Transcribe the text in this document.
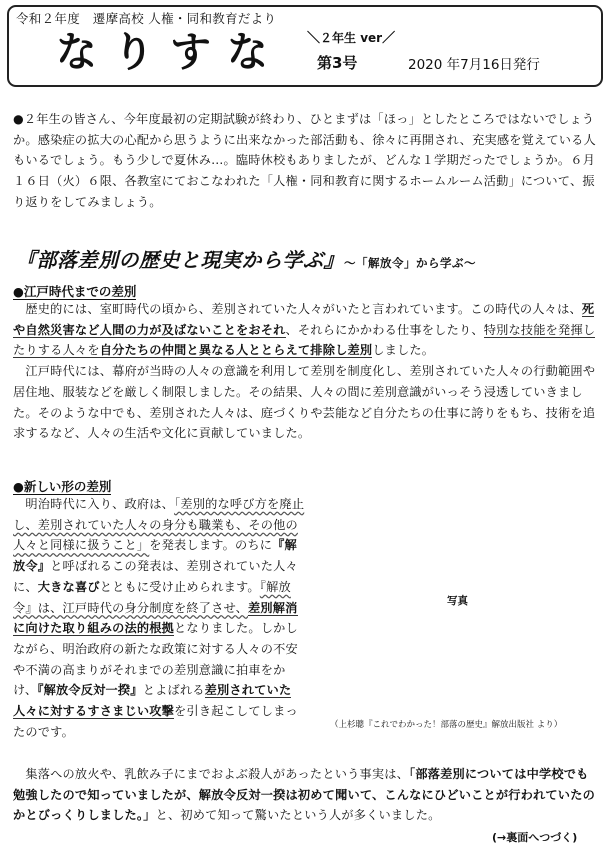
令和２年度　遷摩高校 人権・同和教育だより
なりすな ＼２年生 ver／
第3号	2020 年7月16日発行
●２年生の皆さん、今年度最初の定期試験が終わり、ひとまずは「ほっ」としたところではないでしょうか。感染症の拡大の心配から思うように出来なかった部活動も、徐々に再開され、充実感を覚えている人もいるでしょう。もう少しで夏休み…。臨時休校もありましたが、どんな１学期だったでしょうか。６月１６日（火）６限、各教室にておこなわれた「人権・同和教育に関するホームルーム活動」について、振り返りをしてみましょう。
『部落差別の歴史と現実から学ぶ』～「解放令」から学ぶ～
●江戸時代までの差別
　歴史的には、室町時代の頃から、差別されていた人々がいたと言われています。この時代の人々は、死や自然災害など人間の力が及ばないことをおそれ、それらにかかわる仕事をしたり、特別な技能を発揮したりする人々を自分たちの仲間と異なる人ととらえて排除し差別しました。
　江戸時代には、幕府が当時の人々の意識を利用して差別を制度化し、差別されていた人々の行動範囲や居住地、服装などを厳しく制限しました。その結果、人々の間に差別意識がいっそう浸透していきました。そのような中でも、差別された人々は、庭づくりや芸能など自分たちの仕事に誇りをもち、技術を追求するなど、人々の生活や文化に貢献していました。
●新しい形の差別
　明治時代に入り、政府は、「差別的な呼び方を廃止し、差別されていた人々の身分も職業も、その他の人々と同様に扱うこと」を発表します。のちに『解放令』と呼ばれるこの発表は、差別されていた人々に、大きな喜びとともに受け止められます。『解放令』は、江戸時代の身分制度を終了させ、差別解消に向けた取り組みの法的根拠となりました。しかしながら、明治政府の新たな政策に対する人々の不安や不満の高まりがそれまでの差別意識に拍車をかけ、『解放令反対一揆』とよばれる差別されていた人々に対するすさまじい攻撃を引き起こしてしまったのです。
写真
（上杉聰『これでわかった！部落の歴史』解放出版社 より）
　集落への放火や、乳飲み子にまでおよぶ殺人があったという事実は、「部落差別については中学校でも勉強したので知っていましたが、解放令反対一揆は初めて聞いて、こんなにひどいことが行われていたのかとびっくりしました。」と、初めて知って驚いたという人が多くいました。
(→裏面へつづく)
